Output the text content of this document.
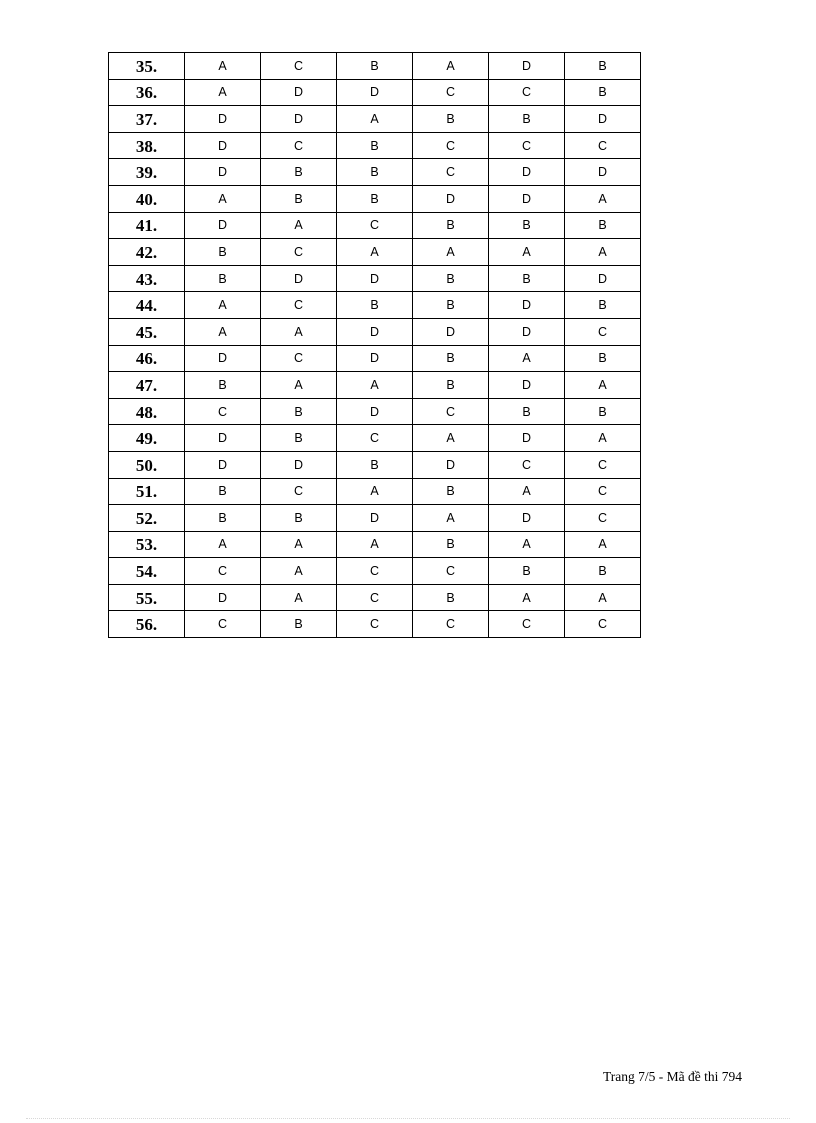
35.	A	C	B	A	D	B
36.	A	D	D	C	C	B
37.	D	D	A	B	B	D
38.	D	C	B	C	C	C
39.	D	B	B	C	D	D
40.	A	B	B	D	D	A
41.	D	A	C	B	B	B
42.	B	C	A	A	A	A
43.	B	D	D	B	B	D
44.	A	C	B	B	D	B
45.	A	A	D	D	D	C
46.	D	C	D	B	A	B
47.	B	A	A	B	D	A
48.	C	B	D	C	B	B
49.	D	B	C	A	D	A
50.	D	D	B	D	C	C
51.	B	C	A	B	A	C
52.	B	B	D	A	D	C
53.	A	A	A	B	A	A
54.	C	A	C	C	B	B
55.	D	A	C	B	A	A
56.	C	B	C	C	C	C
Trang 7/5 - Mã đề thi 794
